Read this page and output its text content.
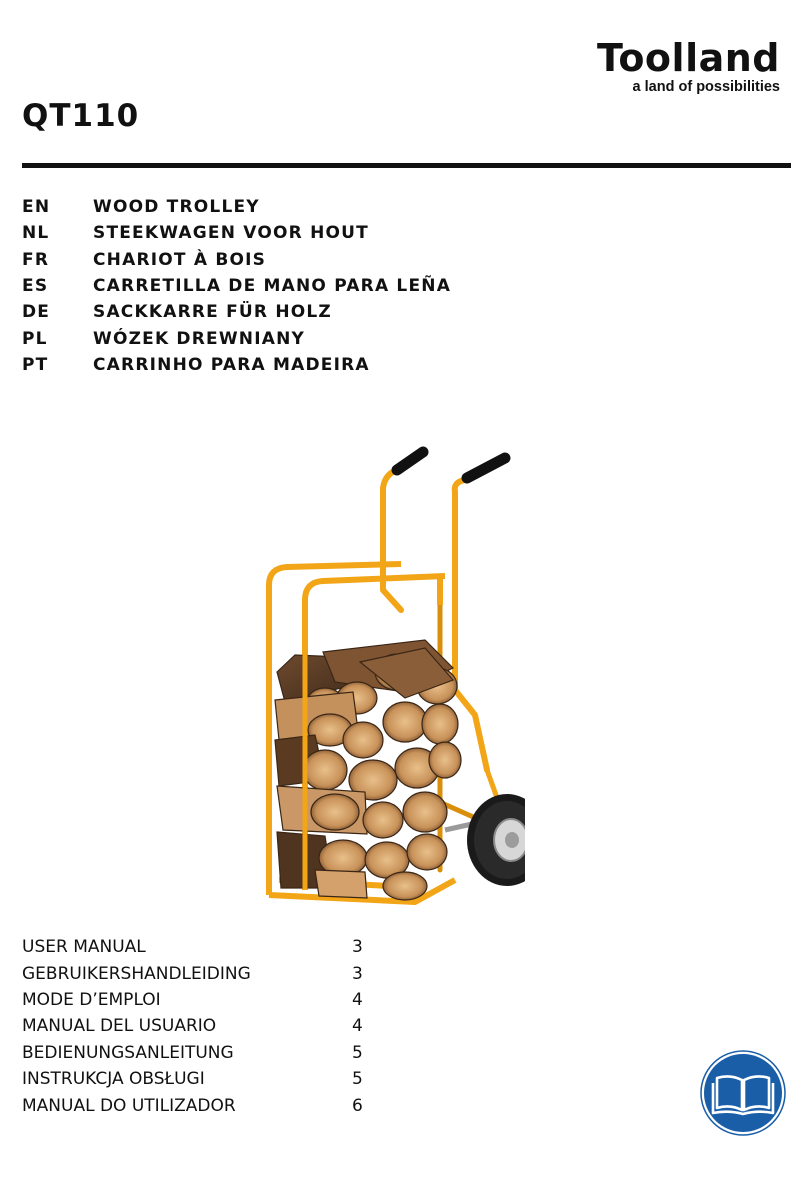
Toolland
a land of possibilities
QT110
EN	WOOD TROLLEY
NL	STEEKWAGEN VOOR HOUT
FR	CHARIOT À BOIS
ES	CARRETILLA DE MANO PARA LEÑA
DE	SACKKARRE FÜR HOLZ
PL	WÓZEK DREWNIANY
PT	CARRINHO PARA MADEIRA
USER MANUAL	3
GEBRUIKERSHANDLEIDING	3
MODE D’EMPLOI	4
MANUAL DEL USUARIO	4
BEDIENUNGSANLEITUNG	5
INSTRUKCJA OBSŁUGI	5
MANUAL DO UTILIZADOR	6
